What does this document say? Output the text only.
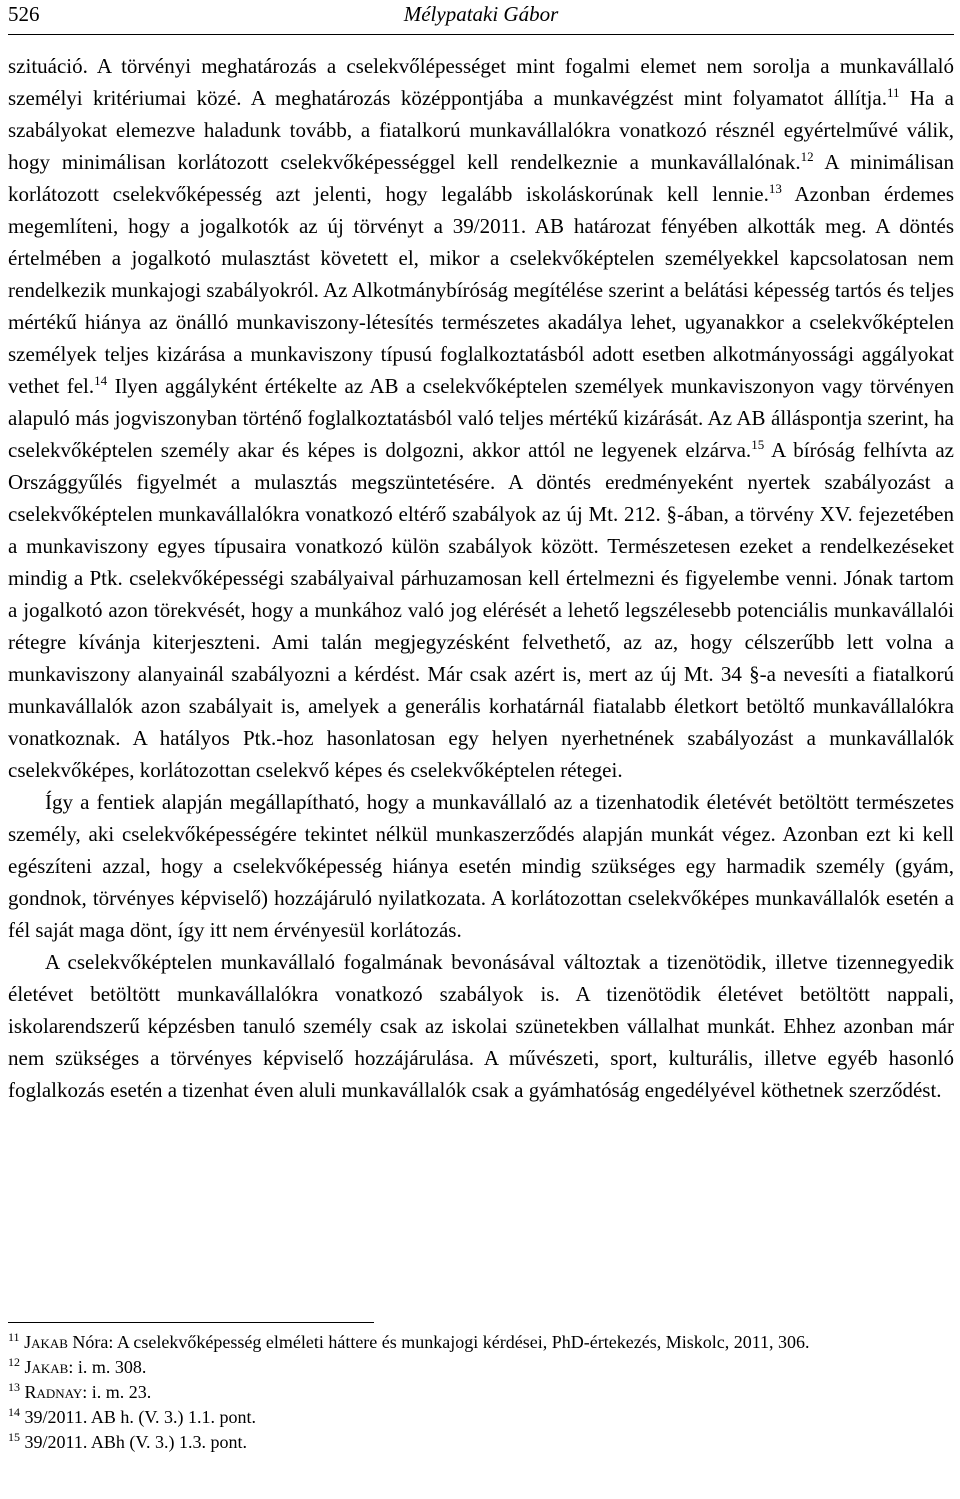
526	Mélypataki Gábor

szituáció. A törvényi meghatározás a cselekvőlépességet mint fogalmi elemet nem sorolja a munkavállaló személyi kritériumai közé. A meghatározás középpontjába a munkavégzést mint folyamatot állítja.$^{11}$ Ha a szabályokat elemezve haladunk tovább, a fiatalkorú munkavállalókra vonatkozó résznél egyértelművé válik, hogy minimálisan korlátozott cselekvőképességgel kell rendelkeznie a munkavállalónak.$^{12}$ A minimálisan korlátozott cselekvőképesség azt jelenti, hogy legalább iskoláskorúnak kell lennie.$^{13}$ Azonban érdemes megemlíteni, hogy a jogalkotók az új törvényt a 39/2011. AB határozat fényében alkották meg. A döntés értelmében a jogalkotó mulasztást követett el, mikor a cselekvőképtelen személyekkel kapcsolatosan nem rendelkezik munkajogi szabályokról. Az Alkotmánybíróság megítélése szerint a belátási képesség tartós és teljes mértékű hiánya az önálló munkaviszony-létesítés természetes akadálya lehet, ugyanakkor a cselekvőképtelen személyek teljes kizárása a munkaviszony típusú foglalkoztatásból adott esetben alkotmányossági aggályokat vethet fel.$^{14}$ Ilyen aggályként értékelte az AB a cselekvőképtelen személyek munkaviszonyon vagy törvényen alapuló más jogviszonyban történő foglalkoztatásból való teljes mértékű kizárását. Az AB álláspontja szerint, ha cselekvőképtelen személy akar és képes is dolgozni, akkor attól ne legyenek elzárva.$^{15}$ A bíróság felhívta az Országgyűlés figyelmét a mulasztás megszüntetésére. A döntés eredményeként nyertek szabályozást a cselekvőképtelen munkavállalókra vonatkozó eltérő szabályok az új Mt. 212. §-ában, a törvény XV. fejezetében a munkaviszony egyes típusaira vonatkozó külön szabályok között. Természetesen ezeket a rendelkezéseket mindig a Ptk. cselekvőképességi szabályaival párhuzamosan kell értelmezni és figyelembe venni. Jónak tartom a jogalkotó azon törekvését, hogy a munkához való jog elérését a lehető legszélesebb potenciális munkavállalói rétegre kívánja kiterjeszteni. Ami talán megjegyzésként felvethető, az az, hogy célszerűbb lett volna a munkaviszony alanyainál szabályozni a kérdést. Már csak azért is, mert az új Mt. 34 §-a nevesíti a fiatalkorú munkavállalók azon szabályait is, amelyek a generális korhatárnál fiatalabb életkort betöltő munkavállalókra vonatkoznak. A hatályos Ptk.-hoz hasonlatosan egy helyen nyerhetnének szabályozást a munkavállalók cselekvőképes, korlátozottan cselekvő képes és cselekvőképtelen rétegei.

Így a fentiek alapján megállapítható, hogy a munkavállaló az a tizenhatodik életévét betöltött természetes személy, aki cselekvőképességére tekintet nélkül munkaszerződés alapján munkát végez. Azonban ezt ki kell egészíteni azzal, hogy a cselekvőképesség hiánya esetén mindig szükséges egy harmadik személy (gyám, gondnok, törvényes képviselő) hozzájáruló nyilatkozata. A korlátozottan cselekvőképes munkavállalók esetén a fél saját maga dönt, így itt nem érvényesül korlátozás.

A cselekvőképtelen munkavállaló fogalmának bevonásával változtak a tizenötödik, illetve tizennegyedik életévet betöltött munkavállalókra vonatkozó szabályok is. A tizenötödik életévet betöltött nappali, iskolarendszerű képzésben tanuló személy csak az iskolai szünetekben vállalhat munkát. Ehhez azonban már nem szükséges a törvényes képviselő hozzájárulása. A művészeti, sport, kulturális, illetve egyéb hasonló foglalkozás esetén a tizenhat éven aluli munkavállalók csak a gyámhatóság engedélyével köthetnek szerződést.

$^{11}$ Jakab Nóra: A cselekvőképesség elméleti háttere és munkajogi kérdései, PhD-értekezés, Miskolc, 2011, 306.

$^{12}$ Jakab: i. m. 308.

$^{13}$ Radnay: i. m. 23.

$^{14}$ 39/2011. AB h. (V. 3.) 1.1. pont.

$^{15}$ 39/2011. ABh (V. 3.) 1.3. pont.
